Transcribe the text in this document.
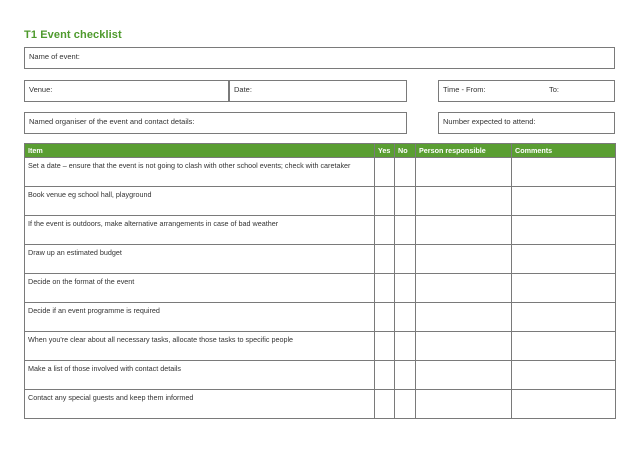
T1 Event checklist
Name of event:
Venue:	Date:	Time - From:	To:
Named organiser of the event and contact details:	Number expected to attend:
Item	Yes	No	Person responsible	Comments
Set a date – ensure that the event is not going to clash with other school events; check with caretaker				
Book venue eg school hall, playground				
If the event is outdoors, make alternative arrangements in case of bad weather				
Draw up an estimated budget				
Decide on the format of the event				
Decide if an event programme is required				
When you're clear about all necessary tasks, allocate those tasks to specific people				
Make a list of those involved with contact details				
Contact any special guests and keep them informed				
